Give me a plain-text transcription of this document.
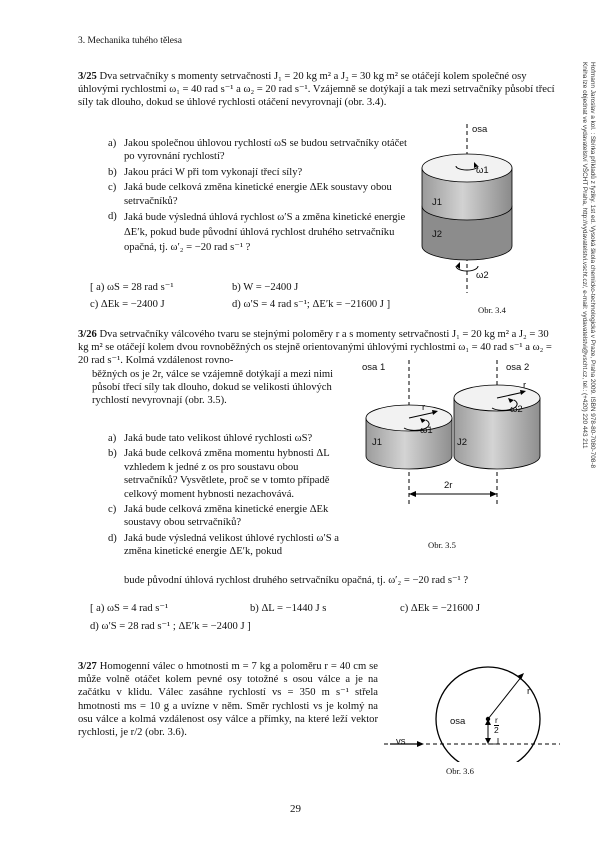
3. Mechanika tuhého tělesa
Hofmann Jaroslav a kol. : Sbírka příkladů z fyziky. 1st ed. Vysoká škola chemicko-technologická v Praze, Praha 2009. ISBN 978-80-7080-708-8
Kniha lze objednat ve vydavatelství VŠCHT Praha, http://vydavatelstvi.vscht.cz/, e-mail: vydavatelstvi@vscht.cz, tel.: (+420) 220 443 211
3/25 Dva setrvačníky s momenty setrvačnosti J₁ = 20 kg m² a J₂ = 30 kg m² se otáčejí kolem společné osy úhlovými rychlostmi ω₁ = 40 rad s⁻¹ a ω₂ = 20 rad s⁻¹. Vzájemně se dotýkají a tak mezi setrvačníky působí třecí síly tak dlouho, dokud se úhlové rychlosti otáčení nevyrovnají (obr. 3.4).
a) Jakou společnou úhlovou rychlostí ωS se budou setrvačníky otáčet po vyrovnání rychlostí?
b) Jakou práci W při tom vykonají třecí síly?
c) Jaká bude celková změna kinetické energie ΔEk soustavy obou setrvačníků?
d) Jaká bude výsledná úhlová rychlost ω′S a změna kinetické energie ΔE′k, pokud bude původní úhlová rychlost druhého setrvačníku opačná, tj. ω′₂ = −20 rad s⁻¹ ?
[ a) ωS = 28 rad s⁻¹	b) W = −2400 J
c) ΔEk = −2400 J	d) ω′S = 4 rad s⁻¹; ΔE′k = −21600 J ]
osa
ω1
J1
J2
ω2
Obr. 3.4
3/26 Dva setrvačníky válcového tvaru se stejnými poloměry r a s momenty setrvačnosti J₁ = 20 kg m² a J₂ = 30 kg m² se otáčejí kolem dvou rovnoběžných os stejně orientovanými úhlovými rychlostmi ω₁ = 40 rad s⁻¹ a ω₂ = 20 rad s⁻¹. Kolmá vzdálenost rovno-
běžných os je 2r, válce se vzájemně dotýkají a mezi nimi působí třecí síly tak dlouho, dokud se velikosti úhlových rychlostí nevyrovnají (obr. 3.5).
a) Jaká bude tato velikost úhlové rychlosti ωS?
b) Jaká bude celková změna momentu hybnosti ΔL vzhledem k jedné z os pro soustavu obou setrvačníků? Vysvětlete, proč se v tomto případě celkový moment hybnosti nezachovává.
c) Jaká bude celková změna kinetické energie ΔEk soustavy obou setrvačníků?
d) Jaká bude výsledná velikost úhlové rychlosti ω′S a změna kinetické energie ΔE′k, pokud
bude původní úhlová rychlost druhého setrvačníku opačná, tj. ω′₂ = −20 rad s⁻¹ ?
[ a) ωS = 4 rad s⁻¹	b) ΔL = −1440 J s	c) ΔEk = −21600 J
d) ω′S = 28 rad s⁻¹ ; ΔE′k = −2400 J ]
osa 1	osa 2
r
r	ω2
ω1
J1	J2
2r
Obr. 3.5
3/27 Homogenní válec o hmotnosti m = 7 kg a poloměru r = 40 cm se může volně otáčet kolem pevné osy totožné s osou válce a je na začátku v klidu. Válec zasáhne rychlostí vs = 350 m s⁻¹ střela hmotnosti ms = 10 g a uvízne v něm. Směr rychlosti vs je kolmý na osu válce a kolmá vzdálenost osy válce a přímky, na které leží vektor rychlosti, je r/2 (obr. 3.6).
r
osa	r
2
vs
Obr. 3.6
29
